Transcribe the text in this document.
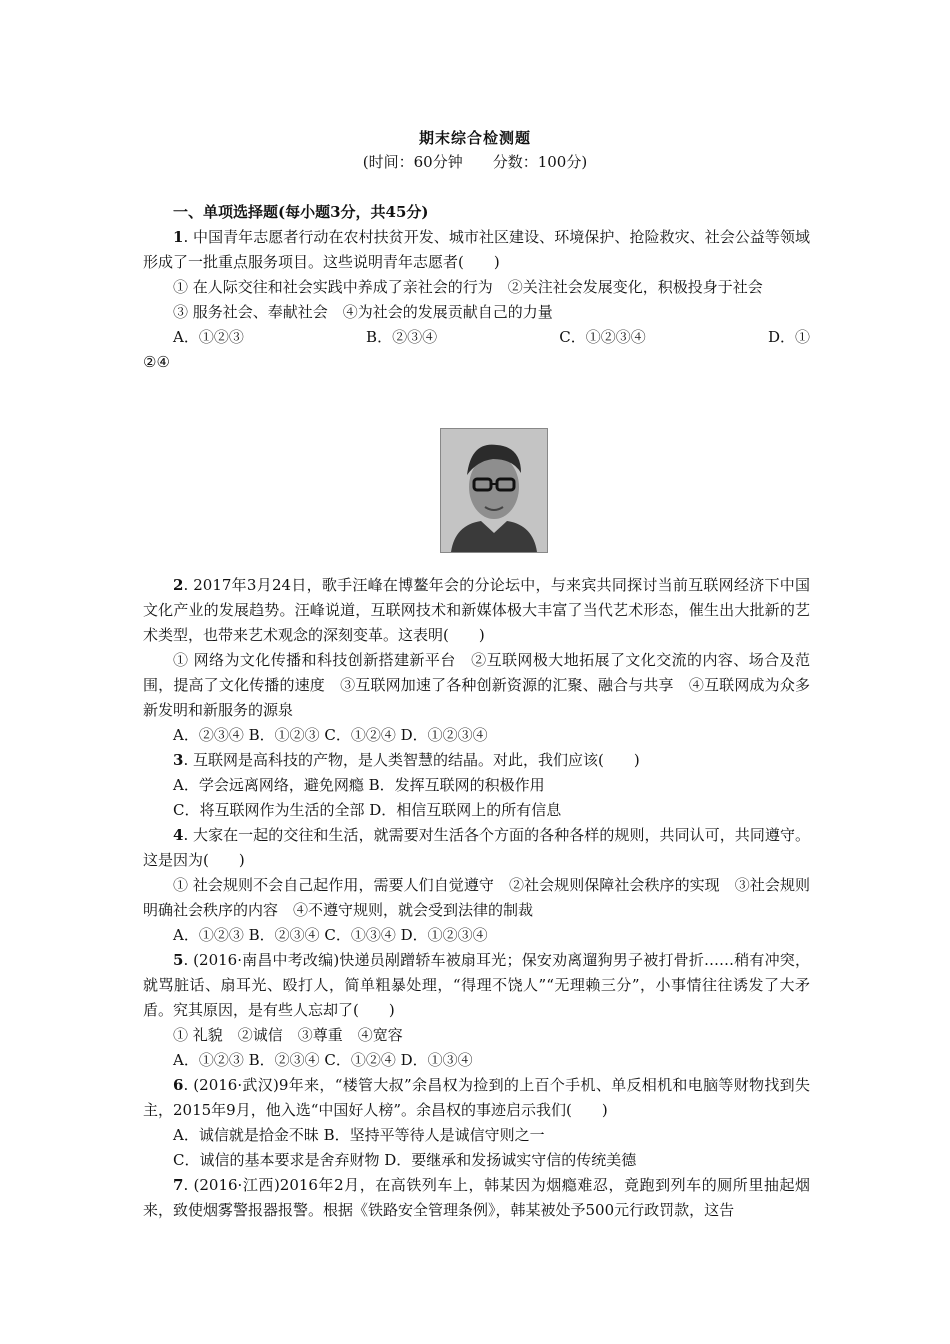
期末综合检测题
(时间：60分钟　　分数：100分)

一、单项选择题(每小题3分，共45分)

1. 中国青年志愿者行动在农村扶贫开发、城市社区建设、环境保护、抢险救灾、社会公益等领域形成了一批重点服务项目。这些说明青年志愿者(　　)

① 在人际交往和社会实践中养成了亲社会的行为　②关注社会发展变化，积极投身于社会

③ 服务社会、奉献社会　④为社会的发展贡献自己的力量

A．①②③	B．②③④	C．①②③④	D．①

②④

2. 2017年3月24日，歌手汪峰在博鳌年会的分论坛中，与来宾共同探讨当前互联网经济下中国文化产业的发展趋势。汪峰说道，互联网技术和新媒体极大丰富了当代艺术形态，催生出大批新的艺术类型，也带来艺术观念的深刻变革。这表明(　　)

① 网络为文化传播和科技创新搭建新平台　②互联网极大地拓展了文化交流的内容、场合及范围，提高了文化传播的速度　③互联网加速了各种创新资源的汇聚、融合与共享　④互联网成为众多新发明和新服务的源泉

A．②③④ B．①②③ C．①②④ D．①②③④

3. 互联网是高科技的产物，是人类智慧的结晶。对此，我们应该(　　)

A．学会远离网络，避免网瘾 B．发挥互联网的积极作用

C．将互联网作为生活的全部 D．相信互联网上的所有信息

4. 大家在一起的交往和生活，就需要对生活各个方面的各种各样的规则，共同认可，共同遵守。这是因为(　　)

① 社会规则不会自己起作用，需要人们自觉遵守　②社会规则保障社会秩序的实现　③社会规则明确社会秩序的内容　④不遵守规则，就会受到法律的制裁

A．①②③ B．②③④ C．①③④ D．①②③④

5. (2016·南昌中考改编)快递员剐蹭轿车被扇耳光；保安劝离遛狗男子被打骨折……稍有冲突，就骂脏话、扇耳光、殴打人，简单粗暴处理，“得理不饶人”“无理赖三分”，小事情往往诱发了大矛盾。究其原因，是有些人忘却了(　　)

① 礼貌　②诚信　③尊重　④宽容

A．①②③ B．②③④ C．①②④ D．①③④

6. (2016·武汉)9年来，“楼管大叔”余昌权为捡到的上百个手机、单反相机和电脑等财物找到失主，2015年9月，他入选“中国好人榜”。余昌权的事迹启示我们(　　)

A．诚信就是拾金不昧 B．坚持平等待人是诚信守则之一

C．诚信的基本要求是舍弃财物 D．要继承和发扬诚实守信的传统美德

7. (2016·江西)2016年2月，在高铁列车上，韩某因为烟瘾难忍，竟跑到列车的厕所里抽起烟来，致使烟雾警报器报警。根据《铁路安全管理条例》，韩某被处予500元行政罚款，这告
